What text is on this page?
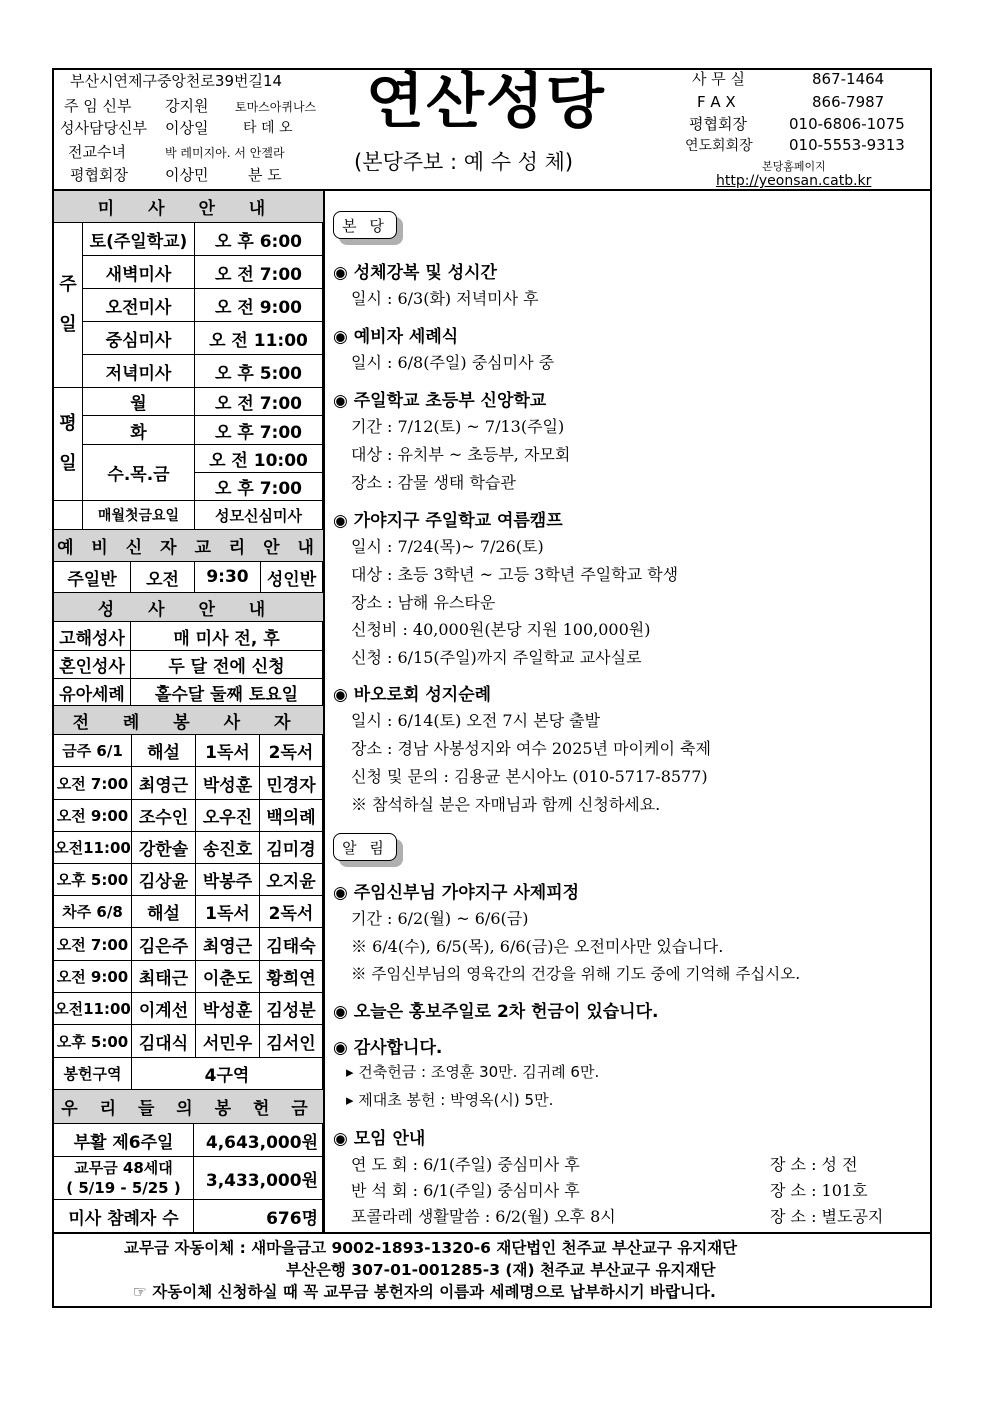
부산시연제구중앙천로39번길14
주 임 신부 강지원 토마스아퀴나스
성사담당신부 이상일 타 데 오
전교수녀	박 레미지아. 서 안젤라
평협회장 이상민	분 도
연산성당
(본당주보 : 예 수 성 체)
사 무 실	867-1464
F A X	866-7987
평협회장	010-6806-1075
연도회회장 010-5553-9313
본당홈페이지
http://yeonsan.catb.kr
미 사 안 내
주일
토(주일학교)	오 후 6:00
새벽미사	오 전 7:00
오전미사	오 전 9:00
중심미사	오 전 11:00
저녁미사	오 후 5:00
평일
월	오 전 7:00
화	오 후 7:00
수.목.금
오 전 10:00
오 후 7:00
매월첫금요일	성모신심미사
예 비 신 자 교 리 안 내
주일반	오전	9:30	성인반
성 사 안 내
고해성사	매 미사 전, 후
혼인성사	두 달 전에 신청
유아세례	홀수달 둘째 토요일
전 례 봉 사 자
금주 6/1	해설	1독서	2독서
오전 7:00 최영근 박성훈 민경자
오전 9:00 조수인 오우진 백의례
오전11:00 강한솔 송진호 김미경
오후 5:00 김상윤 박봉주 오지윤
차주 6/8	해설	1독서	2독서
오전 7:00 김은주 최영근 김태숙
오전 9:00 최태근 이춘도 황희연
오전11:00 이계선 박성훈 김성분
오후 5:00 김대식 서민우 김서인
봉헌구역	4구역
우 리 들 의 봉 헌 금
부활 제6주일	4,643,000원
교무금 48세대
( 5/19 - 5/25 )	3,433,000원
미사 참례자 수	676명
본 당
◉ 성체강복 및 성시간
일시 : 6/3(화) 저녁미사 후
◉ 예비자 세례식
일시 : 6/8(주일) 중심미사 중
◉ 주일학교 초등부 신앙학교
기간 : 7/12(토) ~ 7/13(주일)
대상 : 유치부 ~ 초등부, 자모회
장소 : 감물 생태 학습관
◉ 가야지구 주일학교 여름캠프
일시 : 7/24(목)~ 7/26(토)
대상 : 초등 3학년 ~ 고등 3학년 주일학교 학생
장소 : 남해 유스타운
신청비 : 40,000원(본당 지원 100,000원)
신청 : 6/15(주일)까지 주일학교 교사실로
◉ 바오로회 성지순례
일시 : 6/14(토) 오전 7시 본당 출발
장소 : 경남 사봉성지와 여수 2025년 마이케이 축제
신청 및 문의 : 김용균 본시아노 (010-5717-8577)
※ 참석하실 분은 자매님과 함께 신청하세요.
알 림
◉ 주임신부님 가야지구 사제피정
기간 : 6/2(월) ~ 6/6(금)
※ 6/4(수), 6/5(목), 6/6(금)은 오전미사만 있습니다.
※ 주임신부님의 영육간의 건강을 위해 기도 중에 기억해 주십시오.
◉ 오늘은 홍보주일로 2차 헌금이 있습니다.
◉ 감사합니다.
▸ 건축헌금 : 조영훈 30만. 김귀례 6만.
▸ 제대초 봉헌 : 박영옥(시) 5만.
◉ 모임 안내
연 도 회 : 6/1(주일) 중심미사 후	장 소 : 성 전
반 석 회 : 6/1(주일) 중심미사 후	장 소 : 101호
포콜라레 생활말씀 : 6/2(월) 오후 8시	장 소 : 별도공지
교무금 자동이체 : 새마을금고 9002-1893-1320-6 재단법인 천주교 부산교구 유지재단
부산은행 307-01-001285-3 (재) 천주교 부산교구 유지재단
☞ 자동이체 신청하실 때 꼭 교무금 봉헌자의 이름과 세례명으로 납부하시기 바랍니다.
